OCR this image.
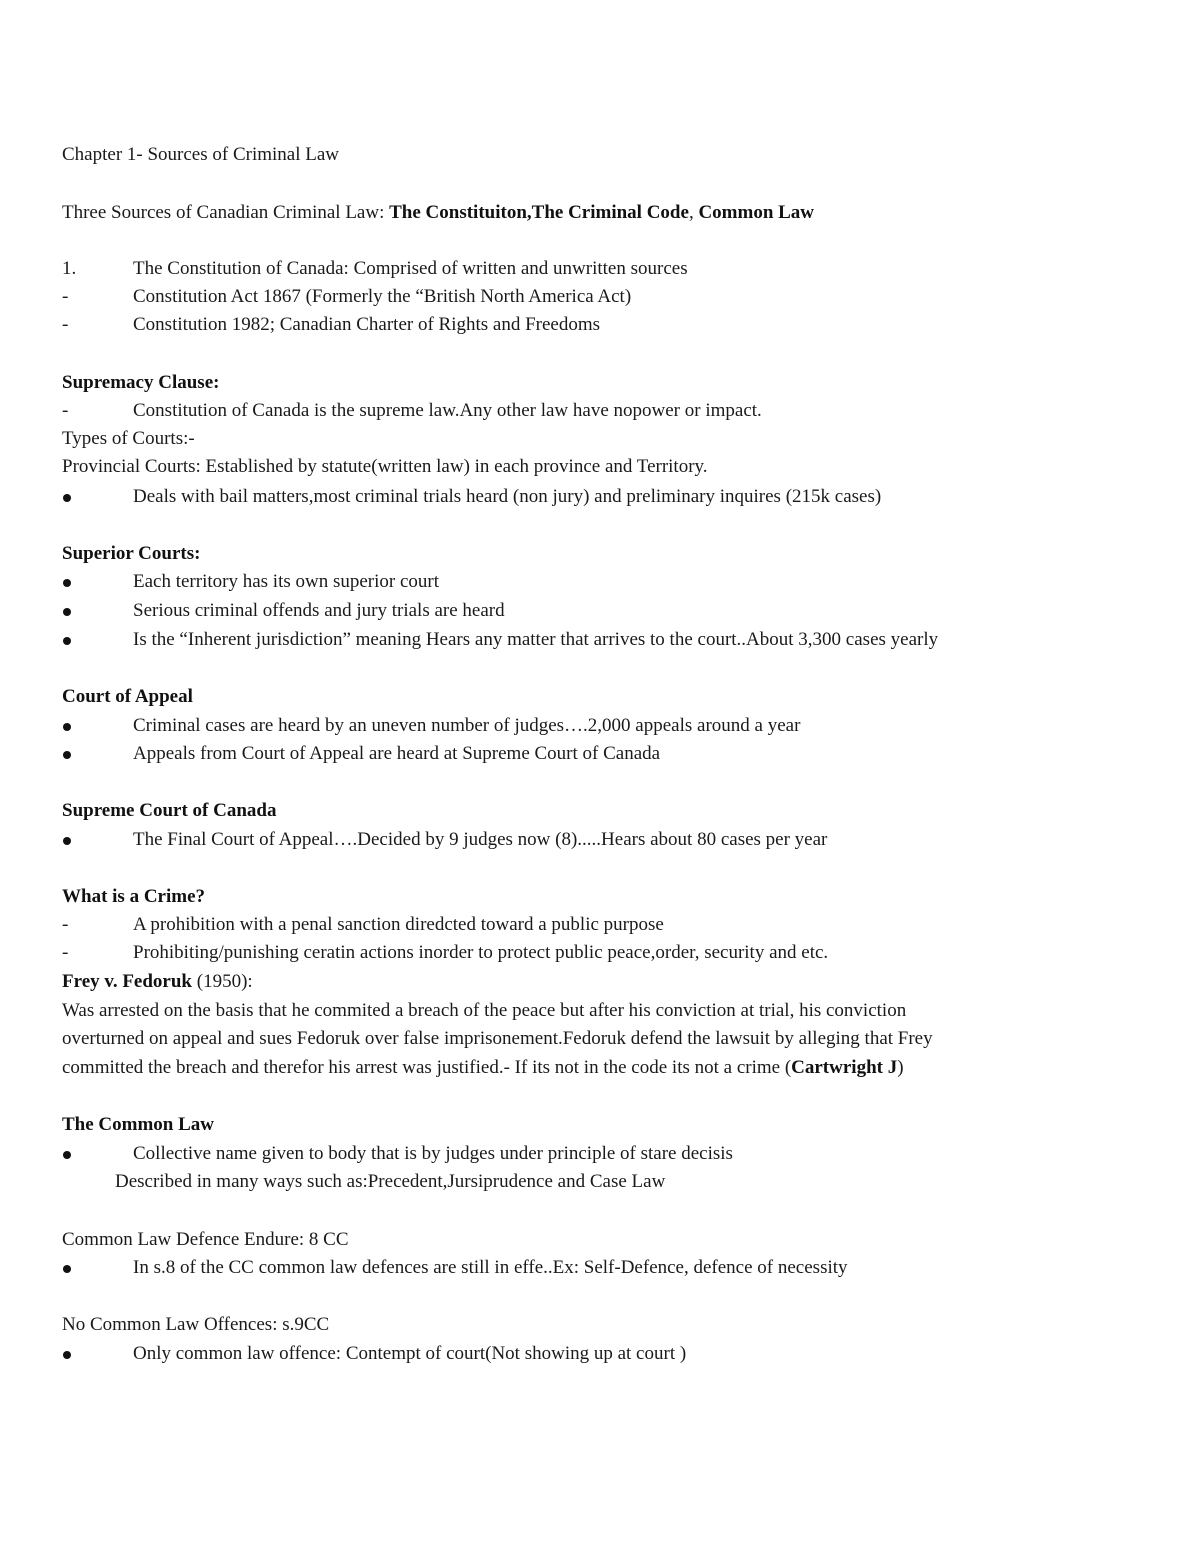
Chapter 1- Sources of Criminal Law
Three Sources of Canadian Criminal Law: The Constituiton,The Criminal Code, Common Law
1.	The Constitution of Canada: Comprised of written and unwritten sources
-	Constitution Act 1867 (Formerly the “British North America Act)
-	Constitution 1982; Canadian Charter of Rights and Freedoms
Supremacy Clause:
-	Constitution of Canada is the supreme law.Any other law have nopower or impact.
Types of Courts:-
Provincial Courts: Established by statute(written law) in each province and Territory.
Deals with bail matters,most criminal trials heard (non jury) and preliminary inquires (215k cases)
Superior Courts:
Each territory has its own superior court
Serious criminal offends and jury trials are heard
Is the “Inherent jurisdiction” meaning Hears any matter that arrives to the court..About 3,300 cases yearly
Court of Appeal
Criminal cases are heard by an uneven number of judges….2,000 appeals around a year
Appeals from Court of Appeal are heard at Supreme Court of Canada
Supreme Court of Canada
The Final Court of Appeal….Decided by 9 judges now (8).....Hears about 80 cases per year
What is a Crime?
-	A prohibition with a penal sanction diredcted toward a public purpose
-	Prohibiting/punishing ceratin actions inorder to protect public peace,order, security and etc.
Frey v. Fedoruk (1950):
Was arrested on the basis that he commited a breach of the peace but after his conviction at trial, his conviction
overturned on appeal and sues Fedoruk over false imprisonement.Fedoruk defend the lawsuit by alleging that Frey
committed the breach and therefor his arrest was justified.- If its not in the code its not a crime (Cartwright J)
The Common Law
Collective name given to body that is by judges under principle of stare decisis
Described in many ways such as:Precedent,Jursiprudence and Case Law
Common Law Defence Endure: 8 CC
In s.8 of the CC common law defences are still in effe..Ex: Self-Defence, defence of necessity
No Common Law Offences: s.9CC
Only common law offence: Contempt of court(Not showing up at court )
